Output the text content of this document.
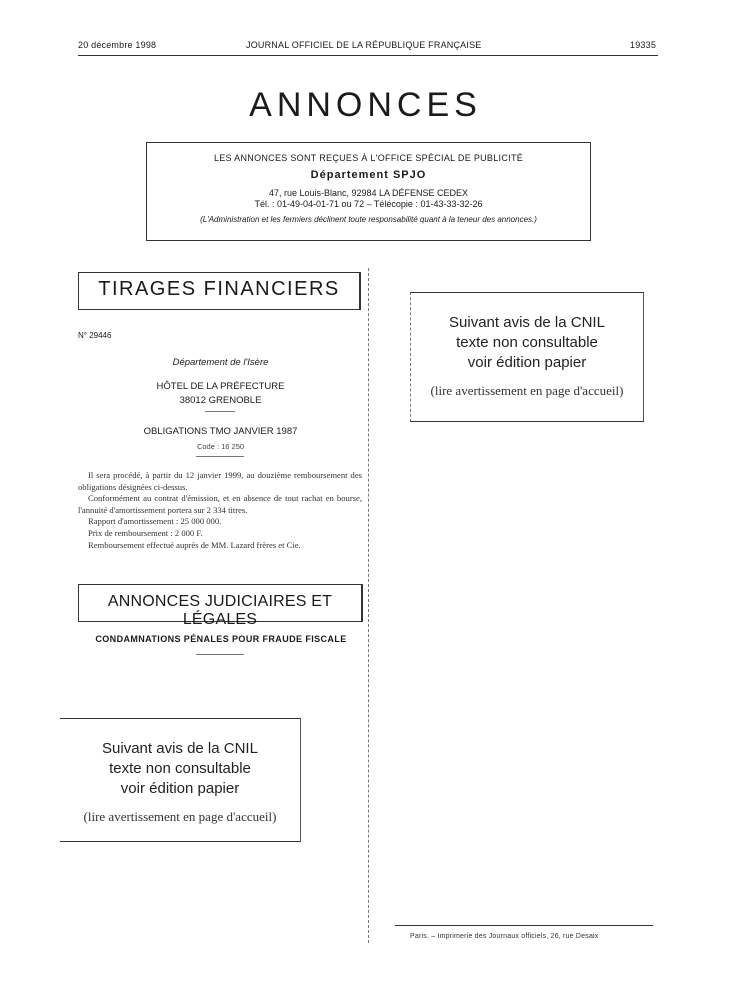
20 décembre 1998	JOURNAL OFFICIEL DE LA RÉPUBLIQUE FRANÇAISE	19335
ANNONCES
LES ANNONCES SONT REÇUES À L'OFFICE SPÉCIAL DE PUBLICITÉ
Département SPJO
47, rue Louis-Blanc, 92984 LA DÉFENSE CEDEX
Tél. : 01-49-04-01-71 ou 72 – Télécopie : 01-43-33-32-26
(L'Administration et les fermiers déclinent toute responsabilité quant à la teneur des annonces.)
TIRAGES FINANCIERS
N° 29446
Département de l'Isère
HÔTEL DE LA PRÉFECTURE
38012 GRENOBLE
OBLIGATIONS TMO JANVIER 1987
Code : 16 250
Il sera procédé, à partir du 12 janvier 1999, au douzième remboursement des obligations désignées ci-dessus.
Conformément au contrat d'émission, et en absence de tout rachat en bourse, l'annuité d'amortissement portera sur 2 334 titres.
Rapport d'amortissement : 25 000 000.
Prix de remboursement : 2 000 F.
Remboursement effectué auprès de MM. Lazard frères et Cie.
ANNONCES JUDICIAIRES ET LÉGALES
CONDAMNATIONS PÉNALES POUR FRAUDE FISCALE
Suivant avis de la CNIL
texte non consultable
voir édition papier
(lire avertissement en page d'accueil)
Suivant avis de la CNIL
texte non consultable
voir édition papier
(lire avertissement en page d'accueil)
Paris. – Imprimerie des Journaux officiels, 26, rue Desaix
